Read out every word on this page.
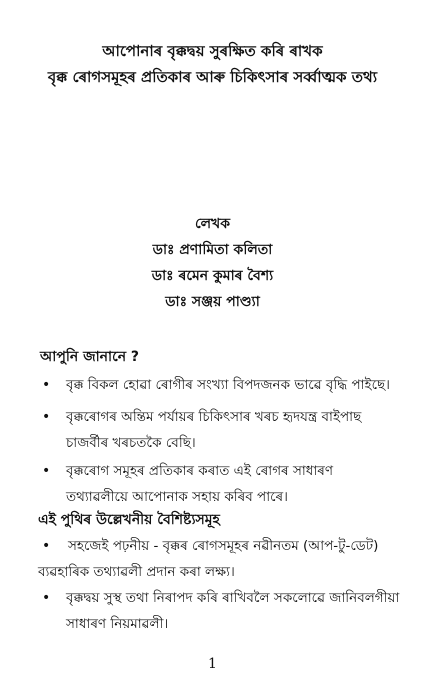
আপোনাৰ বৃক্কদ্বয় সুৰক্ষিত কৰি ৰাখক
বৃক্ক ৰোগসমূহৰ প্ৰতিকাৰ আৰু চিকিৎসাৰ সৰ্ব্বাত্মক তথ্য
লেখক
ডাঃ প্ৰণামিতা কলিতা
ডাঃ ৰমেন কুমাৰ বৈশ্য
ডাঃ সঞ্জয় পাণ্ড্যা
আপুনি জানানে ?
• বৃক্ক বিকল হোৱা ৰোগীৰ সংখ্যা বিপদজনক ভাৱে বৃদ্ধি পাইছে।
• বৃক্কৰোগৰ অন্তিম পৰ্যায়ৰ চিকিৎসাৰ খৰচ হৃদযন্ত্ৰ বাইপাছ চাজৰ্বীৰ খৰচতকৈ বেছি।
• বৃক্কৰোগ সমূহৰ প্ৰতিকাৰ কৰাত এই ৰোগৰ সাধাৰণ তথ্যাৱলীয়ে আপোনাক সহায় কৰিব পাৰে।
এই পুথিৰ উল্লেখনীয় বৈশিষ্ট্যসমূহ
•	সহজেই পঢ়নীয় - বৃক্কৰ ৰোগসমূহৰ নৱীনতম (আপ-টু-ডেট) ব্যৱহাৰিক তথ্যাৱলী প্ৰদান কৰা লক্ষ্য।
• বৃক্কদ্বয় সুস্থ তথা নিৰাপদ কৰি ৰাখিবলৈ সকলোৱে জানিবলগীয়া সাধাৰণ নিয়মাৱলী।
1
